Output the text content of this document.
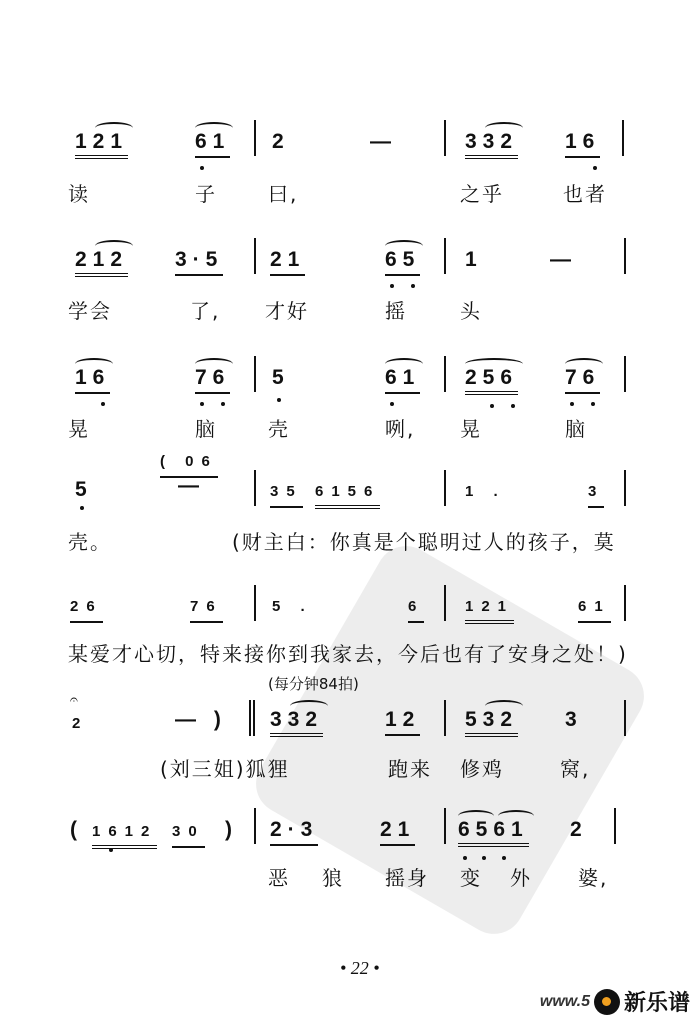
121	61 2	—	332 16
读	子	曰,	之乎	也者
212 3·5 21	65 1	—
学会	了, 才好	摇	头
16	76 5	61 256 76
晃	脑	壳	咧, 晃	脑
5
( 06
—	35 6156	1 .	3
壳。	(财主白：你真是个聪明过人的孩子，莫
26	76	5 .	6	121	61
某爱才心切，特来接你到我家去，今后也有了安身之处！)
(每分钟84拍)
2
𝄐
— ) 332	12 532 3
(刘三姐)狐狸	跑来 修鸡	窝,
( 1612 30 ) 2·3	21 6561 2
恶 狼 摇身 变 外 婆,
• 22 •
www.5 新乐谱
